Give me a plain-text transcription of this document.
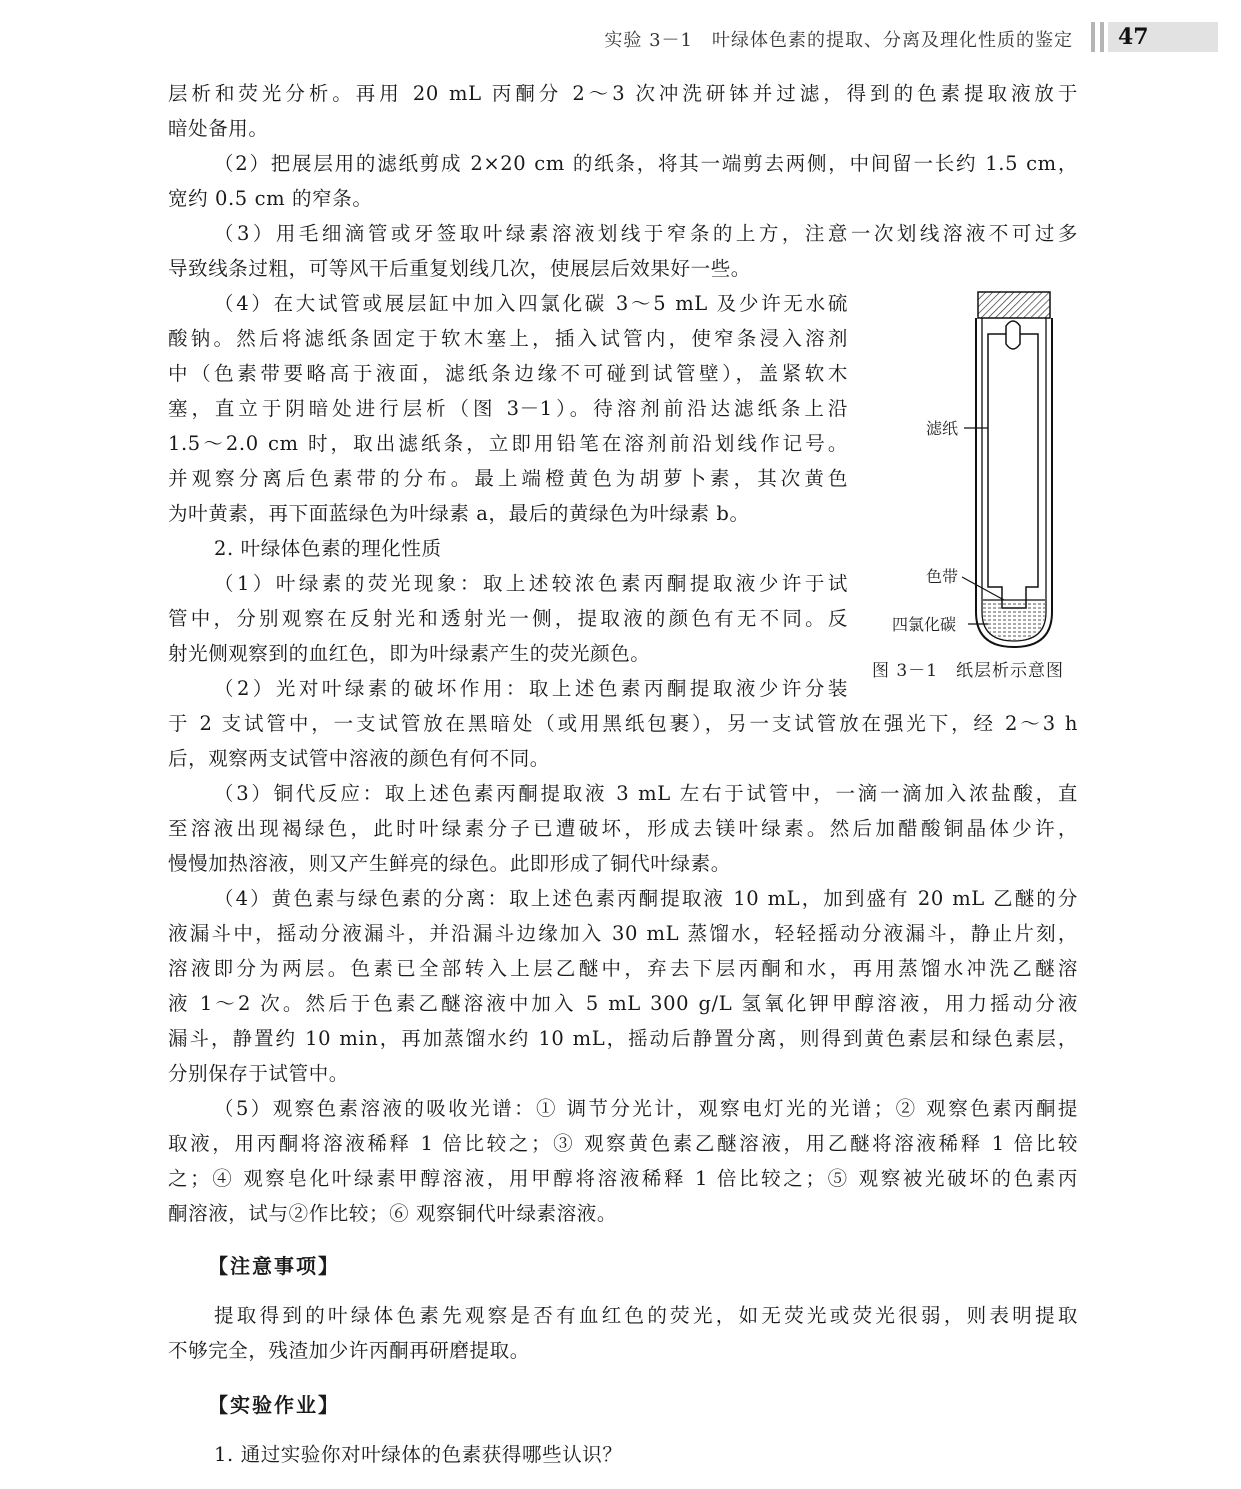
实验 3－1　叶绿体色素的提取、分离及理化性质的鉴定 47
层析和荧光分析。再用 20 mL 丙酮分 2～3 次冲洗研钵并过滤，得到的色素提取液放于
暗处备用。
（2）把展层用的滤纸剪成 2×20 cm 的纸条，将其一端剪去两侧，中间留一长约 1.5 cm，
宽约 0.5 cm 的窄条。
（3）用毛细滴管或牙签取叶绿素溶液划线于窄条的上方，注意一次划线溶液不可过多
导致线条过粗，可等风干后重复划线几次，使展层后效果好一些。
（4）在大试管或展层缸中加入四氯化碳 3～5 mL 及少许无水硫
酸钠。然后将滤纸条固定于软木塞上，插入试管内，使窄条浸入溶剂
中（色素带要略高于液面，滤纸条边缘不可碰到试管壁），盖紧软木
塞，直立于阴暗处进行层析（图 3－1）。待溶剂前沿达滤纸条上沿
1.5～2.0 cm 时，取出滤纸条，立即用铅笔在溶剂前沿划线作记号。
并观察分离后色素带的分布。最上端橙黄色为胡萝卜素，其次黄色
为叶黄素，再下面蓝绿色为叶绿素 a，最后的黄绿色为叶绿素 b。
2. 叶绿体色素的理化性质
（1）叶绿素的荧光现象：取上述较浓色素丙酮提取液少许于试
管中，分别观察在反射光和透射光一侧，提取液的颜色有无不同。反
射光侧观察到的血红色，即为叶绿素产生的荧光颜色。
（2）光对叶绿素的破坏作用：取上述色素丙酮提取液少许分装
于 2 支试管中，一支试管放在黑暗处（或用黑纸包裹），另一支试管放在强光下，经 2～3 h
后，观察两支试管中溶液的颜色有何不同。
（3）铜代反应：取上述色素丙酮提取液 3 mL 左右于试管中，一滴一滴加入浓盐酸，直
至溶液出现褐绿色，此时叶绿素分子已遭破坏，形成去镁叶绿素。然后加醋酸铜晶体少许，
慢慢加热溶液，则又产生鲜亮的绿色。此即形成了铜代叶绿素。
（4）黄色素与绿色素的分离：取上述色素丙酮提取液 10 mL，加到盛有 20 mL 乙醚的分
液漏斗中，摇动分液漏斗，并沿漏斗边缘加入 30 mL 蒸馏水，轻轻摇动分液漏斗，静止片刻，
溶液即分为两层。色素已全部转入上层乙醚中，弃去下层丙酮和水，再用蒸馏水冲洗乙醚溶
液 1～2 次。然后于色素乙醚溶液中加入 5 mL 300 g/L 氢氧化钾甲醇溶液，用力摇动分液
漏斗，静置约 10 min，再加蒸馏水约 10 mL，摇动后静置分离，则得到黄色素层和绿色素层，
分别保存于试管中。
（5）观察色素溶液的吸收光谱：① 调节分光计，观察电灯光的光谱；② 观察色素丙酮提
取液，用丙酮将溶液稀释 1 倍比较之；③ 观察黄色素乙醚溶液，用乙醚将溶液稀释 1 倍比较
之；④ 观察皂化叶绿素甲醇溶液，用甲醇将溶液稀释 1 倍比较之；⑤ 观察被光破坏的色素丙
酮溶液，试与②作比较；⑥ 观察铜代叶绿素溶液。
【注意事项】
提取得到的叶绿体色素先观察是否有血红色的荧光，如无荧光或荧光很弱，则表明提取
不够完全，残渣加少许丙酮再研磨提取。
【实验作业】
1. 通过实验你对叶绿体的色素获得哪些认识？
滤纸
色带
四氯化碳
图 3－1　纸层析示意图
